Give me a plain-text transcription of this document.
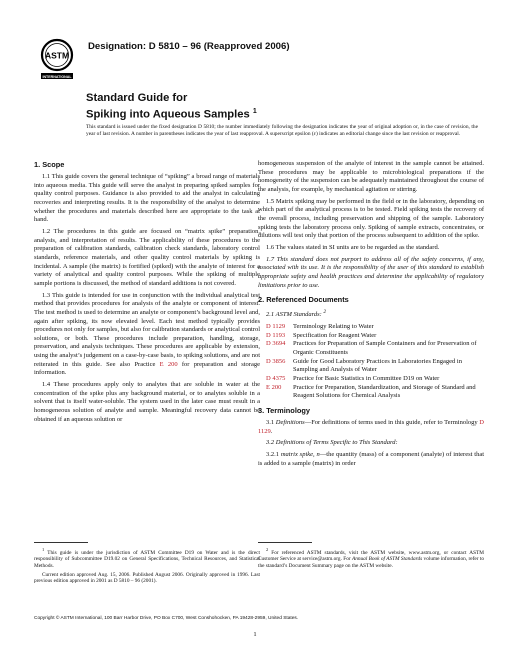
ASTM
INTERNATIONAL
Designation: D 5810 – 96 (Reapproved 2006)
Standard Guide for
Spiking into Aqueous Samples $^1$
This standard is issued under the fixed designation D 5810; the number immediately following the designation indicates the year of original adoption or, in the case of revision, the year of last revision. A number in parentheses indicates the year of last reapproval. A superscript epsilon (ε) indicates an editorial change since the last revision or reapproval.
1. Scope

1.1 This guide covers the general technique of “spiking” a broad range of materials into aqueous media. This guide will serve the analyst in preparing spiked samples for quality control purposes. Guidance is also provided to aid the analyst in calculating recoveries and interpreting results. It is the responsibility of the analyst to determine whether the procedures and materials described here are appropriate to the task at hand.

1.2 The procedures in this guide are focused on “matrix spike” preparation, analysis, and interpretation of results. The applicability of these procedures to the preparation of calibration standards, calibration check standards, laboratory control standards, reference materials, and other quality control materials by spiking is incidental. A sample (the matrix) is fortified (spiked) with the analyte of interest for a variety of analytical and quality control purposes. While the spiking of multiple sample portions is discussed, the method of standard additions is not covered.

1.3 This guide is intended for use in conjunction with the individual analytical test method that provides procedures for analysis of the analyte or component of interest. The test method is used to determine an analyte or component’s background level and, again after spiking, its now elevated level. Each test method typically provides procedures not only for samples, but also for calibration standards or analytical control solutions, or both. These procedures include preparation, handling, storage, preservation, and analysis techniques. These procedures are applicable by extension, using the analyst’s judgement on a case-by-case basis, to spiking solutions, and are not reiterated in this guide. See also Practice E 200 for preparation and storage information.

1.4 These procedures apply only to analytes that are soluble in water at the concentration of the spike plus any background material, or to analytes soluble in a solvent that is itself water-soluble. The system used in the later case must result in a homogeneous solution of analyte and sample. Meaningful recovery data cannot be obtained if an aqueous solution or

homogeneous suspension of the analyte of interest in the sample cannot be attained. These procedures may be applicable to microbiological preparations if the homogeneity of the suspension can be adequately maintained throughout the course of the analysis, for example, by mechanical agitation or stirring.

1.5 Matrix spiking may be performed in the field or in the laboratory, depending on which part of the analytical process is to be tested. Field spiking tests the recovery of the overall process, including preservation and shipping of the sample. Laboratory spiking tests the laboratory process only. Spiking of sample extracts, concentrates, or dilutions will test only that portion of the process subsequent to addition of the spike.

1.6 The values stated in SI units are to be regarded as the standard.

1.7 This standard does not purport to address all of the safety concerns, if any, associated with its use. It is the responsibility of the user of this standard to establish appropriate safety and health practices and determine the applicability of regulatory limitations prior to use.

2. Referenced Documents

2.1 ASTM Standards: $^2$

D 1129	Terminology Relating to Water
D 1193	Specification for Reagent Water
D 3694	Practices for Preparation of Sample Containers and for Preservation of Organic Constituents
D 3856	Guide for Good Laboratory Practices in Laboratories Engaged in Sampling and Analysis of Water
D 4375	Practice for Basic Statistics in Committee D19 on Water
E 200	Practice for Preparation, Standardization, and Storage of Standard and Reagent Solutions for Chemical Analysis
3. Terminology

3.1 Definitions—For definitions of terms used in this guide, refer to Terminology D 1129.

3.2 Definitions of Terms Specific to This Standard:

3.2.1 matrix spike, n—the quantity (mass) of a component (analyte) of interest that is added to a sample (matrix) in order

$^1$ This guide is under the jurisdiction of ASTM Committee D19 on Water and is the direct responsibility of Subcommittee D19.02 on General Specifications, Technical Resources, and Statistical Methods.

Current edition approved Aug. 15, 2006. Published August 2006. Originally approved in 1996. Last previous edition approved in 2001 as D 5810 – 96 (2001).

$^2$ For referenced ASTM standards, visit the ASTM website, www.astm.org, or contact ASTM Customer Service at service@astm.org. For Annual Book of ASTM Standards volume information, refer to the standard’s Document Summary page on the ASTM website.

Copyright © ASTM International, 100 Barr Harbor Drive, PO Box C700, West Conshohocken, PA 19428-2959, United States.
1
